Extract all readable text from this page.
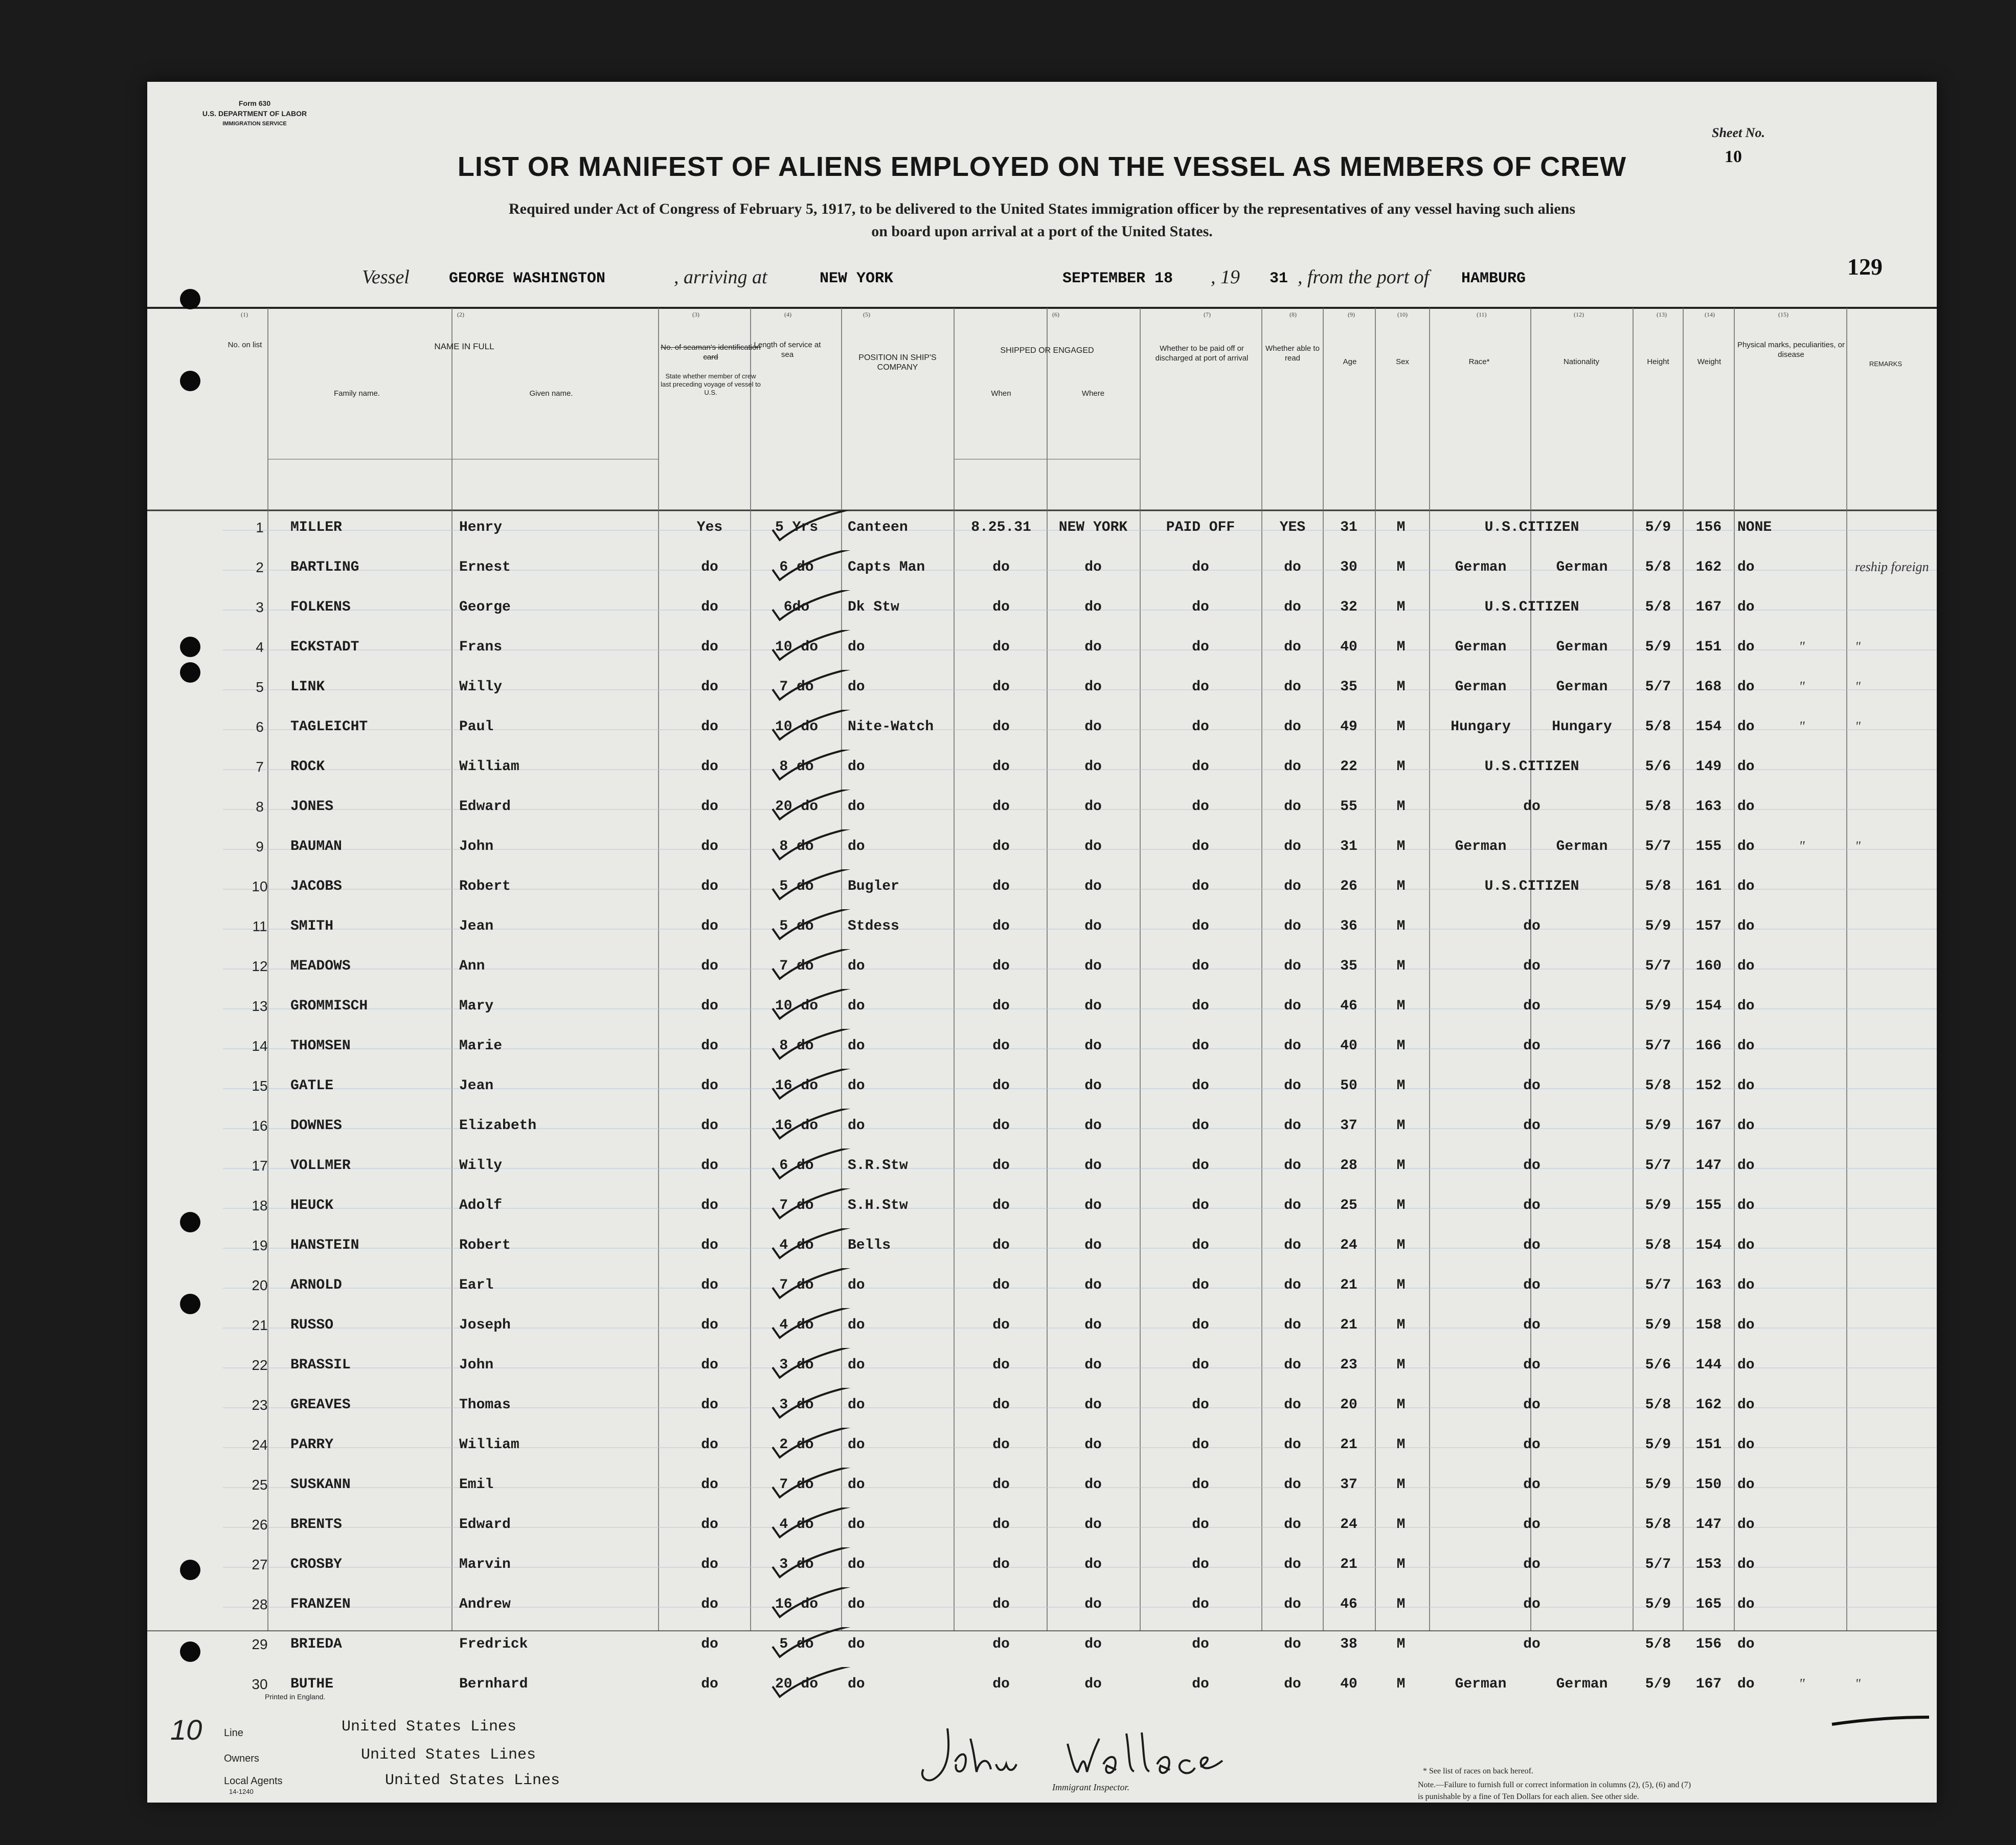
Form 630
U.S. DEPARTMENT OF LABOR
IMMIGRATION SERVICE
Sheet No.
10
LIST OR MANIFEST OF ALIENS EMPLOYED ON THE VESSEL AS MEMBERS OF CREW
Required under Act of Congress of February 5, 1917, to be delivered to the United States immigration officer by the representatives of any vessel having such aliens
on board upon arrival at a port of the United States.
Vessel	GEORGE WASHINGTON	, arriving at	NEW YORK	SEPTEMBER 18 , 19 31 , from the port of HAMBURG	129
(1)
No. on list
(2)
NAME IN FULL
Family name.	Given name.
(3)
No. of seaman's identification card
State whether member of crew last preceding voyage of vessel to U.S.
(4)
Length of service at sea
(5)
POSITION IN SHIP'S COMPANY
(6)
SHIPPED OR ENGAGED
When	Where
(7)
Whether to be paid off or discharged at port of arrival
(8)
Whether able to read
(9)
Age
(10)
Sex
(11)
Race*
(12)
Nationality
(13)
Height
(14)
Weight
(15)
Physical marks, peculiarities, or disease
REMARKS
1	MILLER	Henry	Yes	5 Yrs	Canteen	8.25.31	NEW YORK	PAID OFF	YES	31	M	U.S.CITIZEN	5/9	156	NONE
2	BARTLING	Ernest	do	6 do	Capts Man	do	do	do	do	30	M	German	German	5/8	162	do	reship foreign
3	FOLKENS	George	do	6do	Dk Stw	do	do	do	do	32	M	U.S.CITIZEN	5/8	167	do
4	ECKSTADT	Frans	do	10 do	do	do	do	do	do	40	M	German	German	5/9	151	do	"	"
5	LINK	Willy	do	7 do	do	do	do	do	do	35	M	German	German	5/7	168	do	"	"
6	TAGLEICHT	Paul	do	10 do	Nite-Watch	do	do	do	do	49	M	Hungary	Hungary	5/8	154	do	"	"
7	ROCK	William	do	8 do	do	do	do	do	do	22	M	U.S.CITIZEN	5/6	149	do
8	JONES	Edward	do	20 do	do	do	do	do	do	55	M	do	5/8	163	do
9	BAUMAN	John	do	8 do	do	do	do	do	do	31	M	German	German	5/7	155	do	"	"
10	JACOBS	Robert	do	5 do	Bugler	do	do	do	do	26	M	U.S.CITIZEN	5/8	161	do
11	SMITH	Jean	do	5 do	Stdess	do	do	do	do	36	M	do	5/9	157	do
12	MEADOWS	Ann	do	7 do	do	do	do	do	do	35	M	do	5/7	160	do
13	GROMMISCH	Mary	do	10 do	do	do	do	do	do	46	M	do	5/9	154	do
14	THOMSEN	Marie	do	8 do	do	do	do	do	do	40	M	do	5/7	166	do
15	GATLE	Jean	do	16 do	do	do	do	do	do	50	M	do	5/8	152	do
16	DOWNES	Elizabeth	do	16 do	do	do	do	do	do	37	M	do	5/9	167	do
17	VOLLMER	Willy	do	6 do	S.R.Stw	do	do	do	do	28	M	do	5/7	147	do
18	HEUCK	Adolf	do	7 do	S.H.Stw	do	do	do	do	25	M	do	5/9	155	do
19	HANSTEIN	Robert	do	4 do	Bells	do	do	do	do	24	M	do	5/8	154	do
20	ARNOLD	Earl	do	7 do	do	do	do	do	do	21	M	do	5/7	163	do
21	RUSSO	Joseph	do	4 do	do	do	do	do	do	21	M	do	5/9	158	do
22	BRASSIL	John	do	3 do	do	do	do	do	do	23	M	do	5/6	144	do
23	GREAVES	Thomas	do	3 do	do	do	do	do	do	20	M	do	5/8	162	do
24	PARRY	William	do	2 do	do	do	do	do	do	21	M	do	5/9	151	do
25	SUSKANN	Emil	do	7 do	do	do	do	do	do	37	M	do	5/9	150	do
26	BRENTS	Edward	do	4 do	do	do	do	do	do	24	M	do	5/8	147	do
27	CROSBY	Marvin	do	3 do	do	do	do	do	do	21	M	do	5/7	153	do
28	FRANZEN	Andrew	do	16 do	do	do	do	do	do	46	M	do	5/9	165	do
29	BRIEDA	Fredrick	do	5 do	do	do	do	do	do	38	M	do	5/8	156	do
30	BUTHE	Bernhard	do	20 do	do	do	do	do	do	40	M	German	German	5/9	167	do	"	"
Printed in England.
10 Line	United States Lines
Owners	United States Lines
Local Agents
14-1240
United States Lines	Immigrant Inspector.
* See list of races on back hereof.
Note.—Failure to furnish full or correct information in columns (2), (5), (6) and (7)
is punishable by a fine of Ten Dollars for each alien. See other side.
